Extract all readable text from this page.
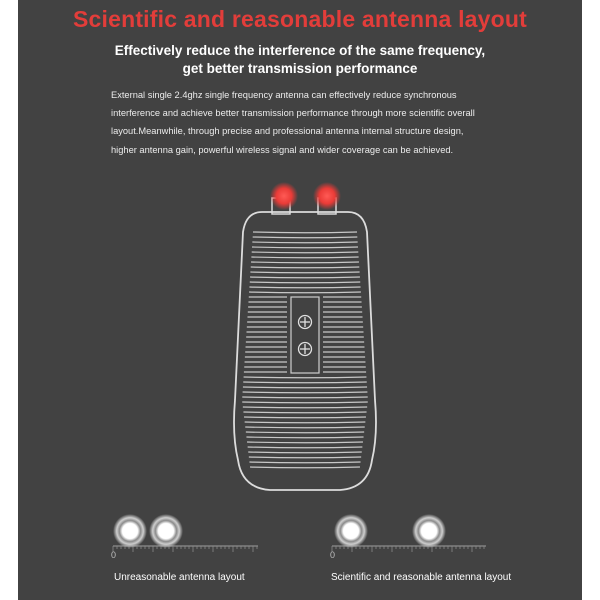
Scientific and reasonable antenna layout
Effectively reduce the interference of the same frequency,
get better transmission performance
External single 2.4ghz single frequency antenna can effectively reduce synchronous
interference and achieve better transmission performance through more scientific overall
layout.Meanwhile, through precise and professional antenna internal structure design,
higher antenna gain, powerful wireless signal and wider coverage can be achieved.
0	0
Unreasonable antenna layout	Scientific and reasonable antenna layout
